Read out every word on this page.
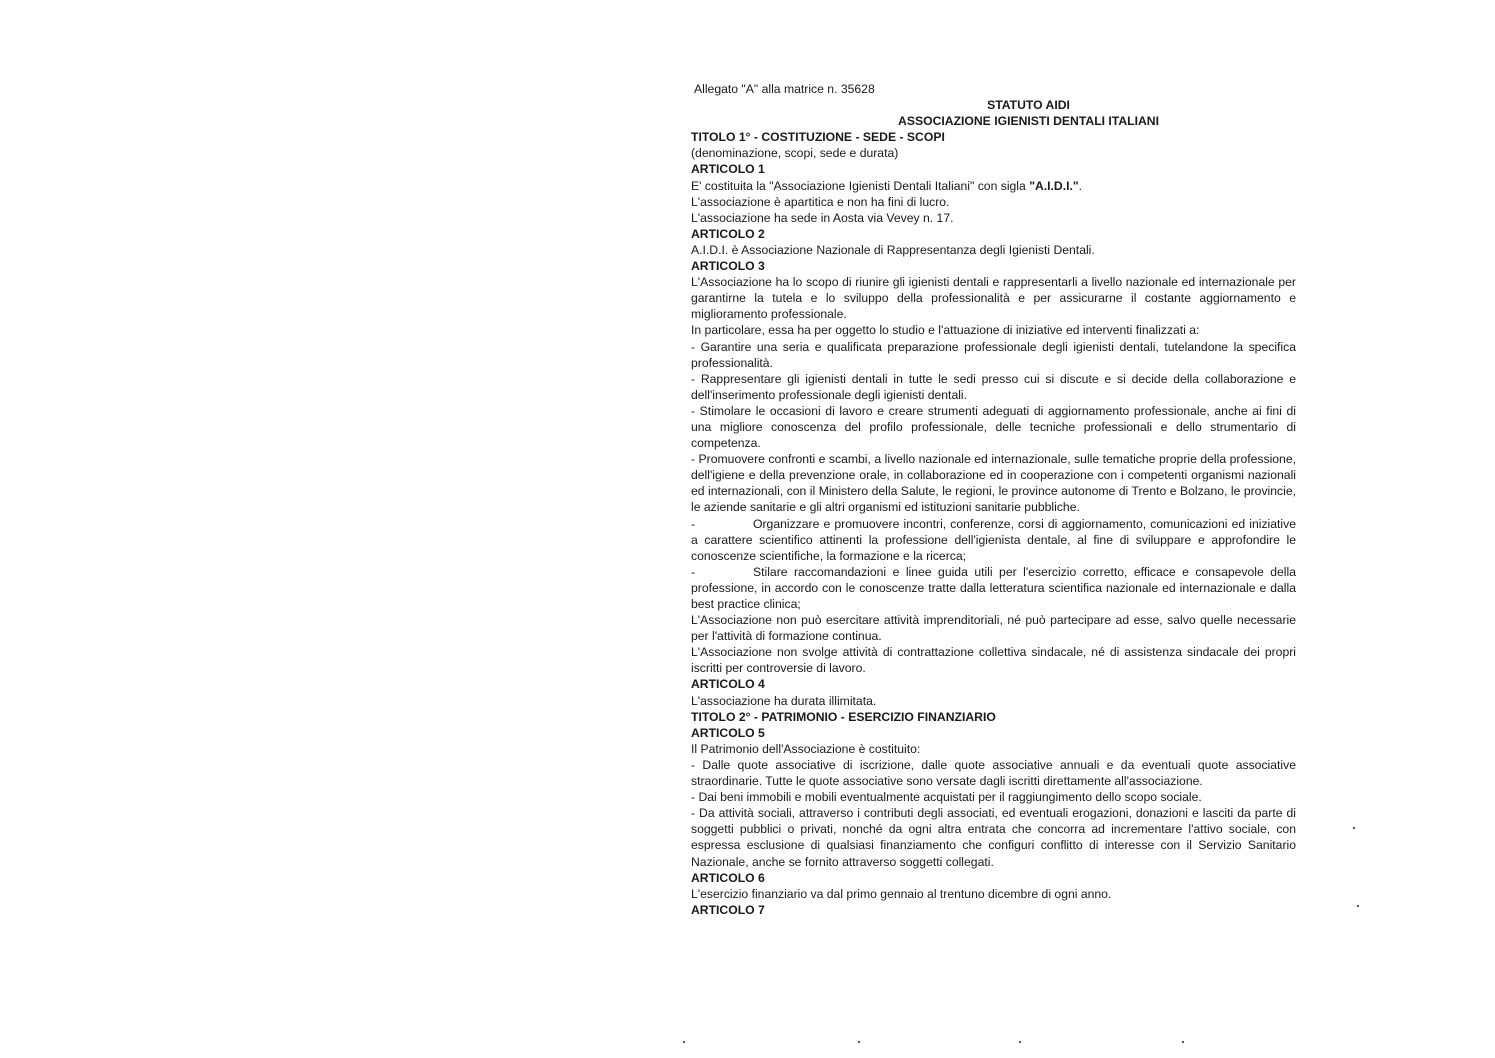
Allegato "A" alla matrice n. 35628

STATUTO AIDI

ASSOCIAZIONE IGIENISTI DENTALI ITALIANI

TITOLO 1° - COSTITUZIONE - SEDE - SCOPI

(denominazione, scopi, sede e durata)

ARTICOLO 1

E' costituita la "Associazione Igienisti Dentali Italiani" con sigla "A.I.D.I.".

L'associazione è apartitica e non ha fini di lucro.

L'associazione ha sede in Aosta via Vevey n. 17.

ARTICOLO 2

A.I.D.I. è Associazione Nazionale di Rappresentanza degli Igienisti Dentali.

ARTICOLO 3

L'Associazione ha lo scopo di riunire gli igienisti dentali e rappresentarli a livello nazionale ed internazionale per garantirne la tutela e lo sviluppo della professionalità e per assicurarne il costante aggiornamento e miglioramento professionale.

In particolare, essa ha per oggetto lo studio e l'attuazione di iniziative ed interventi finalizzati a:

- Garantire una seria e qualificata preparazione professionale degli igienisti dentali, tutelandone la specifica professionalità.

- Rappresentare gli igienisti dentali in tutte le sedi presso cui si discute e si decide della collaborazione e dell'inserimento professionale degli igienisti dentali.

- Stimolare le occasioni di lavoro e creare strumenti adeguati di aggiornamento professionale, anche ai fini di una migliore conoscenza del profilo professionale, delle tecniche professionali e dello strumentario di competenza.

- Promuovere confronti e scambi, a livello nazionale ed internazionale, sulle tematiche proprie della professione, dell'igiene e della prevenzione orale, in collaborazione ed in cooperazione con i competenti organismi nazionali ed internazionali, con il Ministero della Salute, le regioni, le province autonome di Trento e Bolzano, le provincie, le aziende sanitarie e gli altri organismi ed istituzioni sanitarie pubbliche.

-	Organizzare e promuovere incontri, conferenze, corsi di aggiornamento, comunicazioni ed iniziative a carattere scientifico attinenti la professione dell'igienista dentale, al fine di sviluppare e approfondire le conoscenze scientifiche, la formazione e la ricerca;

-	Stilare raccomandazioni e linee guida utili per l'esercizio corretto, efficace e consapevole della professione, in accordo con le conoscenze tratte dalla letteratura scientifica nazionale ed internazionale e dalla best practice clinica;

L'Associazione non può esercitare attività imprenditoriali, né può partecipare ad esse, salvo quelle necessarie per l'attività di formazione continua.

L'Associazione non svolge attività di contrattazione collettiva sindacale, né di assistenza sindacale dei propri iscritti per controversie di lavoro.

ARTICOLO 4

L'associazione ha durata illimitata.

TITOLO 2° - PATRIMONIO - ESERCIZIO FINANZIARIO

ARTICOLO 5

Il Patrimonio dell'Associazione è costituito:

- Dalle quote associative di iscrizione, dalle quote associative annuali e da eventuali quote associative straordinarie. Tutte le quote associative sono versate dagli iscritti direttamente all'associazione.

- Dai beni immobili e mobili eventualmente acquistati per il raggiungimento dello scopo sociale.

- Da attività sociali, attraverso i contributi degli associati, ed eventuali erogazioni, donazioni e lasciti da parte di soggetti pubblici o privati, nonché da ogni altra entrata che concorra ad incrementare l'attivo sociale, con espressa esclusione di qualsiasi finanziamento che configuri conflitto di interesse con il Servizio Sanitario Nazionale, anche se fornito attraverso soggetti collegati.

ARTICOLO 6

L'esercizio finanziario va dal primo gennaio al trentuno dicembre di ogni anno.

ARTICOLO 7
